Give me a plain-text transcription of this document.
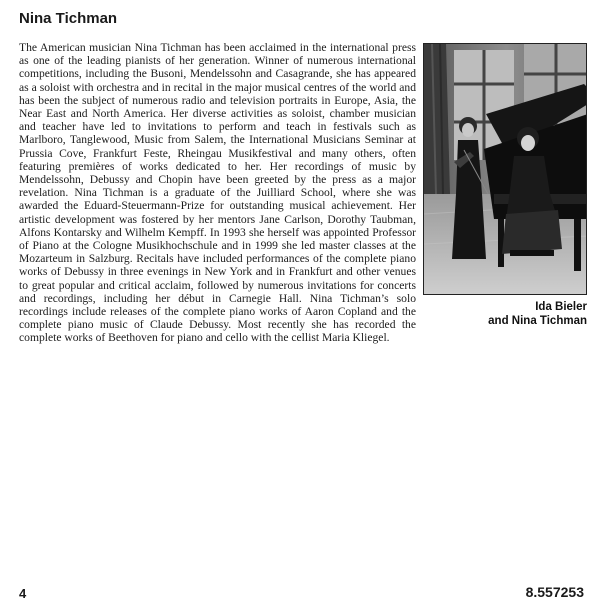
Nina Tichman

The American musician Nina Tichman has been acclaimed in the international press as one of the leading pianists of her generation. Winner of numerous international competitions, including the Busoni, Mendelssohn and Casagrande, she has appeared as a soloist with orchestra and in recital in the major musical centres of the world and has been the subject of numerous radio and television portraits in Europe, Asia, the Near East and North America. Her diverse activities as soloist, chamber musician and teacher have led to invitations to perform and teach in festivals such as Marlboro, Tanglewood, Music from Salem, the International Musicians Seminar at Prussia Cove, Frankfurt Feste, Rheingau Musikfestival and many others, often featuring premières of works dedicated to her. Her recordings of music by Mendelssohn, Debussy and Chopin have been greeted by the press as a major revelation. Nina Tichman is a graduate of the Juilliard School, where she was awarded the Eduard-Steuermann-Prize for outstanding musical achievement. Her artistic development was fostered by her mentors Jane Carlson, Dorothy Taubman, Alfons Kontarsky and Wilhelm Kempff. In 1993 she herself was appointed Professor of Piano at the Cologne Musikhochschule and in 1999 she led master classes at the Mozarteum in Salzburg. Recitals have included performances of the complete piano works of Debussy in three evenings in New York and in Frankfurt and other venues to great popular and critical acclaim, followed by numerous invitations for concerts and recordings, including her début in Carnegie Hall. Nina Tichman’s solo recordings include releases of the complete piano works of Aaron Copland and the complete piano music of Claude Debussy. Most recently she has recorded the complete works of Beethoven for piano and cello with the cellist Maria Kliegel.

Ida Bieler
and Nina Tichman
4	8.557253
